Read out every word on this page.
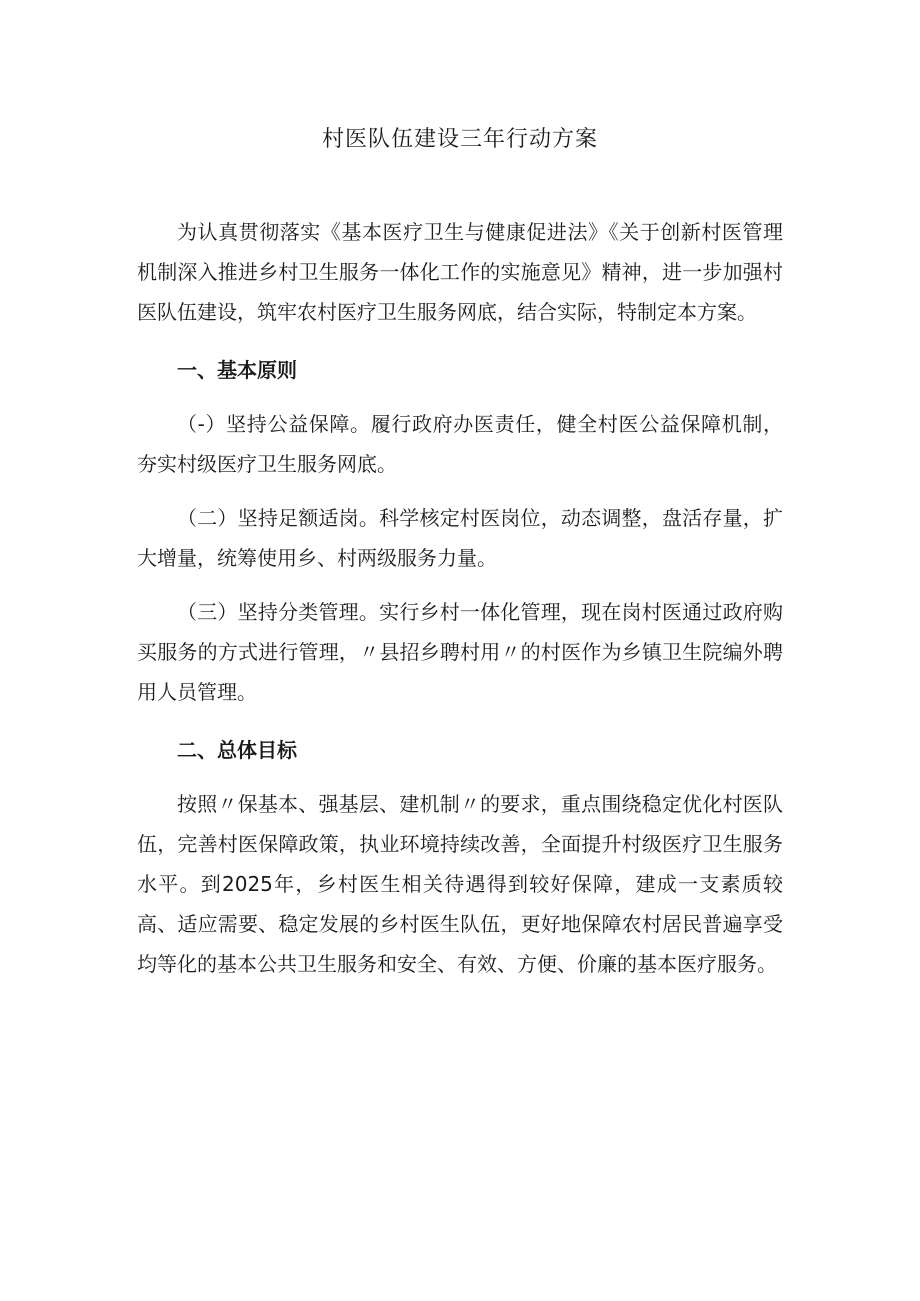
村医队伍建设三年行动方案

为认真贯彻落实《基本医疗卫生与健康促进法》《关于创新村医管理机制深入推进乡村卫生服务一体化工作的实施意见》精神，进一步加强村医队伍建设，筑牢农村医疗卫生服务网底，结合实际，特制定本方案。

一、基本原则

（-）坚持公益保障。履行政府办医责任，健全村医公益保障机制，夯实村级医疗卫生服务网底。

（二）坚持足额适岗。科学核定村医岗位，动态调整，盘活存量，扩大增量，统筹使用乡、村两级服务力量。

（三）坚持分类管理。实行乡村一体化管理，现在岗村医通过政府购买服务的方式进行管理，〃县招乡聘村用〃的村医作为乡镇卫生院编外聘用人员管理。

二、总体目标

按照〃保基本、强基层、建机制〃的要求，重点围绕稳定优化村医队伍，完善村医保障政策，执业环境持续改善，全面提升村级医疗卫生服务水平。到2025年，乡村医生相关待遇得到较好保障，建成一支素质较高、适应需要、稳定发展的乡村医生队伍，更好地保障农村居民普遍享受均等化的基本公共卫生服务和安全、有效、方便、价廉的基本医疗服务。
